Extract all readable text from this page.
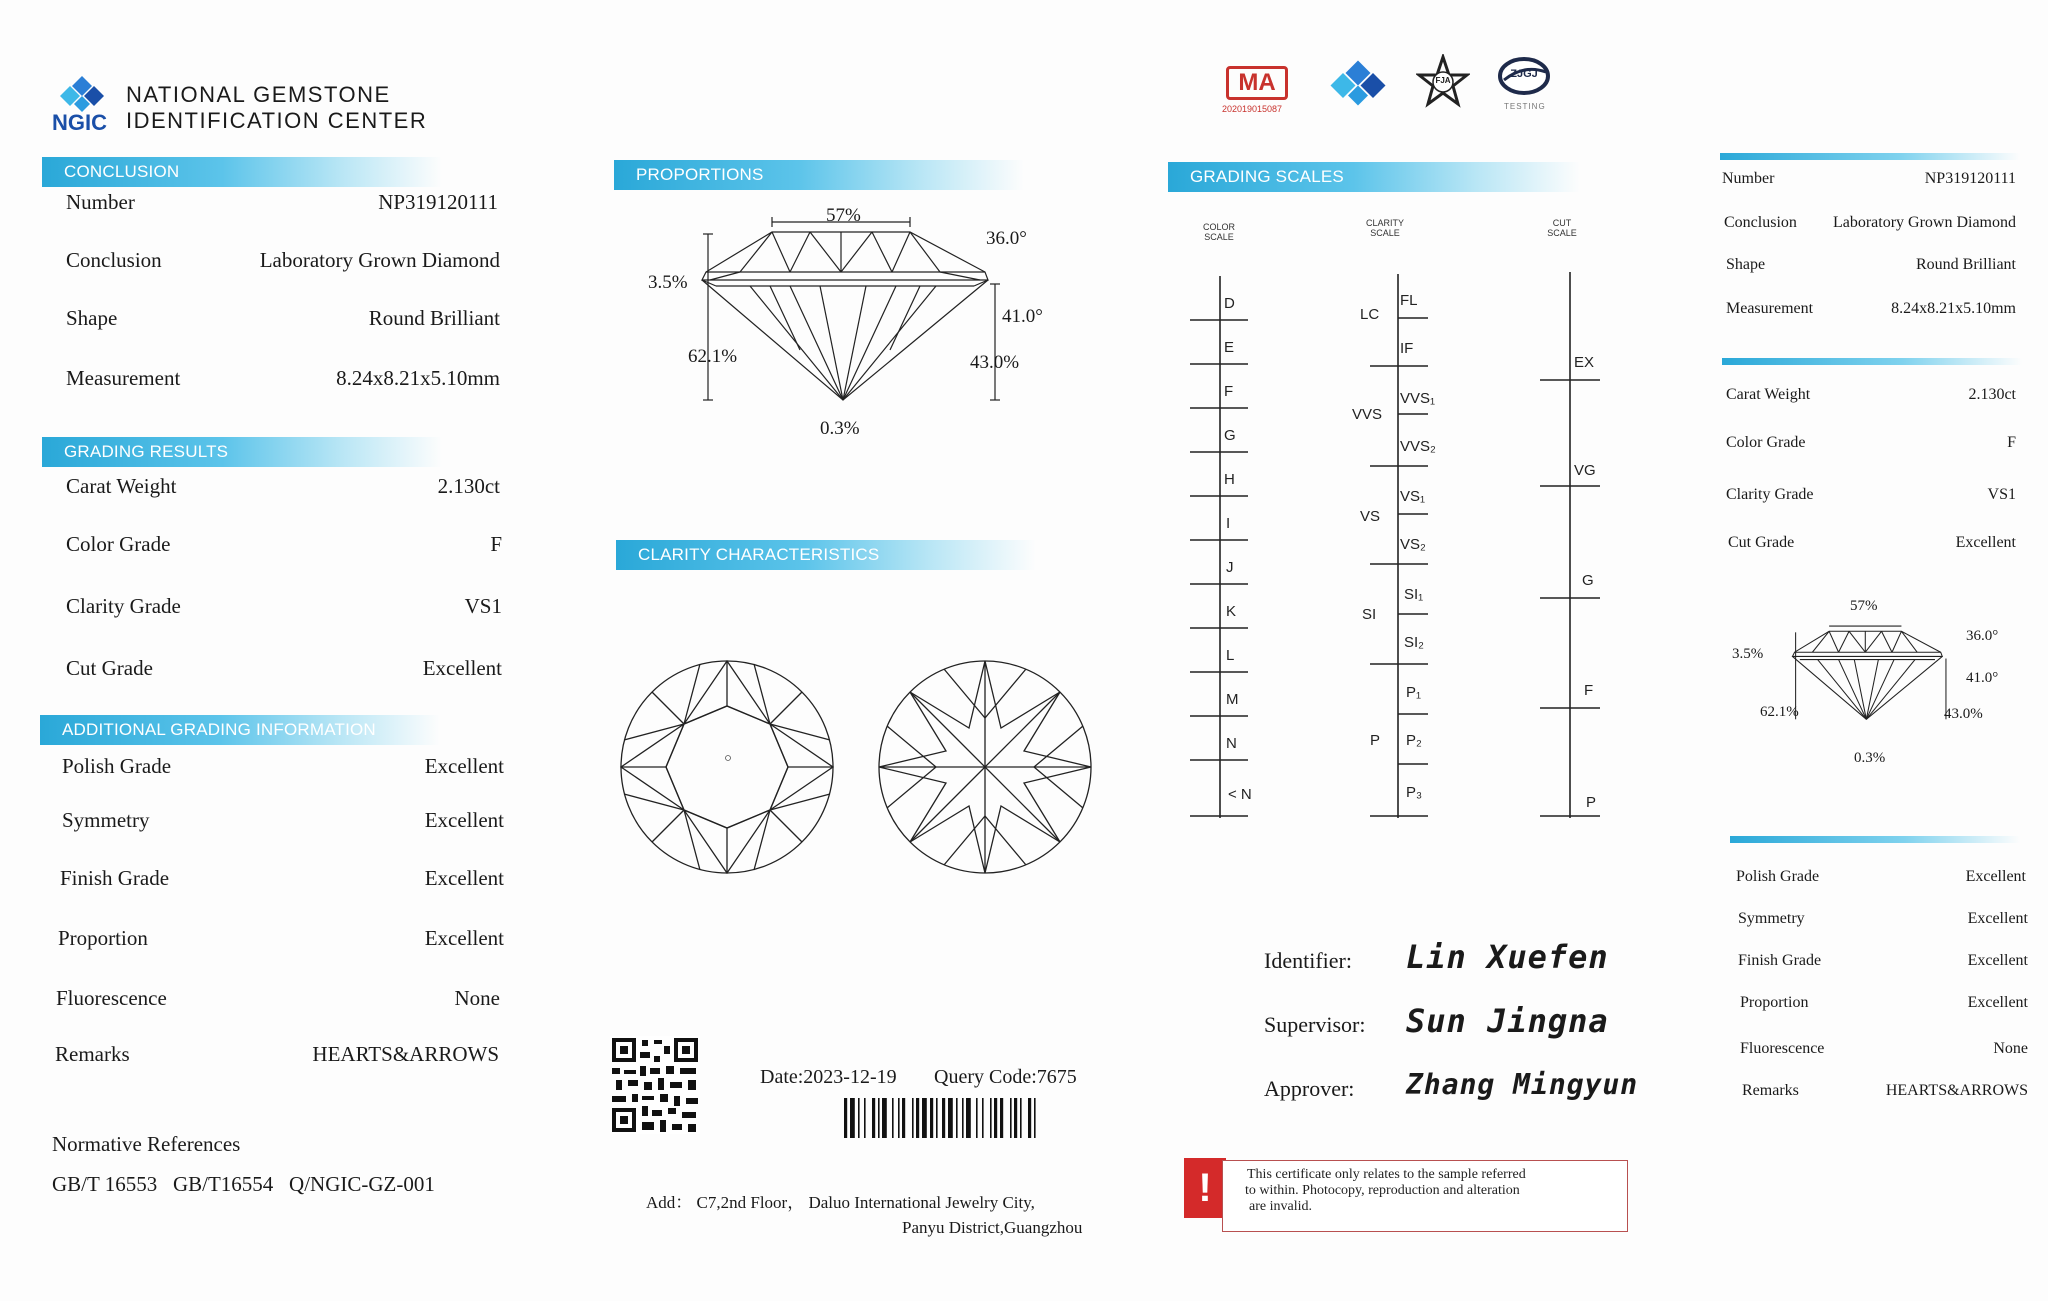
NGIC
NATIONAL GEMSTONE
IDENTIFICATION CENTER
CONCLUSION
Number	NP319120111
Conclusion	Laboratory Grown Diamond
Shape	Round Brilliant
Measurement	8.24x8.21x5.10mm
GRADING RESULTS
Carat Weight	2.130ct
Color Grade	F
Clarity Grade	VS1
Cut Grade	Excellent
ADDITIONAL GRADING INFORMATION
Polish Grade	Excellent
Symmetry	Excellent
Finish Grade	Excellent
Proportion	Excellent
Fluorescence	None
Remarks	HEARTS&ARROWS
Normative References
GB/T 16553   GB/T16554   Q/NGIC-GZ-001
PROPORTIONS
57%
36.0°
3.5%
41.0°
62.1%	43.0%
0.3%
CLARITY CHARACTERISTICS
Date:2023-12-19 Query Code:7675
Add： C7,2nd Floor， Daluo International Jewelry City,
Panyu District,Guangzhou
MA
202019015087
FJA
ZJGJ
TESTING
GRADING SCALES
COLOR
SCALE
CLARITY
SCALE
CUT
SCALE
D
E
F
G
H
I
J
K
L
M
N
< N
LC
VVS
VS
SI
P
FL
IF
VVS₁
VVS₂
VS₁
VS₂
SI₁
SI₂
P₁
P₂
P₃
EX
VG
G
F
P
Identifier: Lin Xuefen
Supervisor: Sun Jingna
Approver: Zhang Mingyun
!	This certificate only relates to the sample referred
to within. Photocopy, reproduction and alteration
are invalid.
Number	NP319120111
Conclusion Laboratory Grown Diamond
Shape	Round Brilliant
Measurement	8.24x8.21x5.10mm
Carat Weight	2.130ct
Color Grade	F
Clarity Grade	VS1
Cut Grade	Excellent
57%
36.0°
3.5%
41.0°
62.1%	43.0%
0.3%
Polish Grade	Excellent
Symmetry	Excellent
Finish Grade	Excellent
Proportion	Excellent
Fluorescence	None
Remarks	HEARTS&ARROWS
